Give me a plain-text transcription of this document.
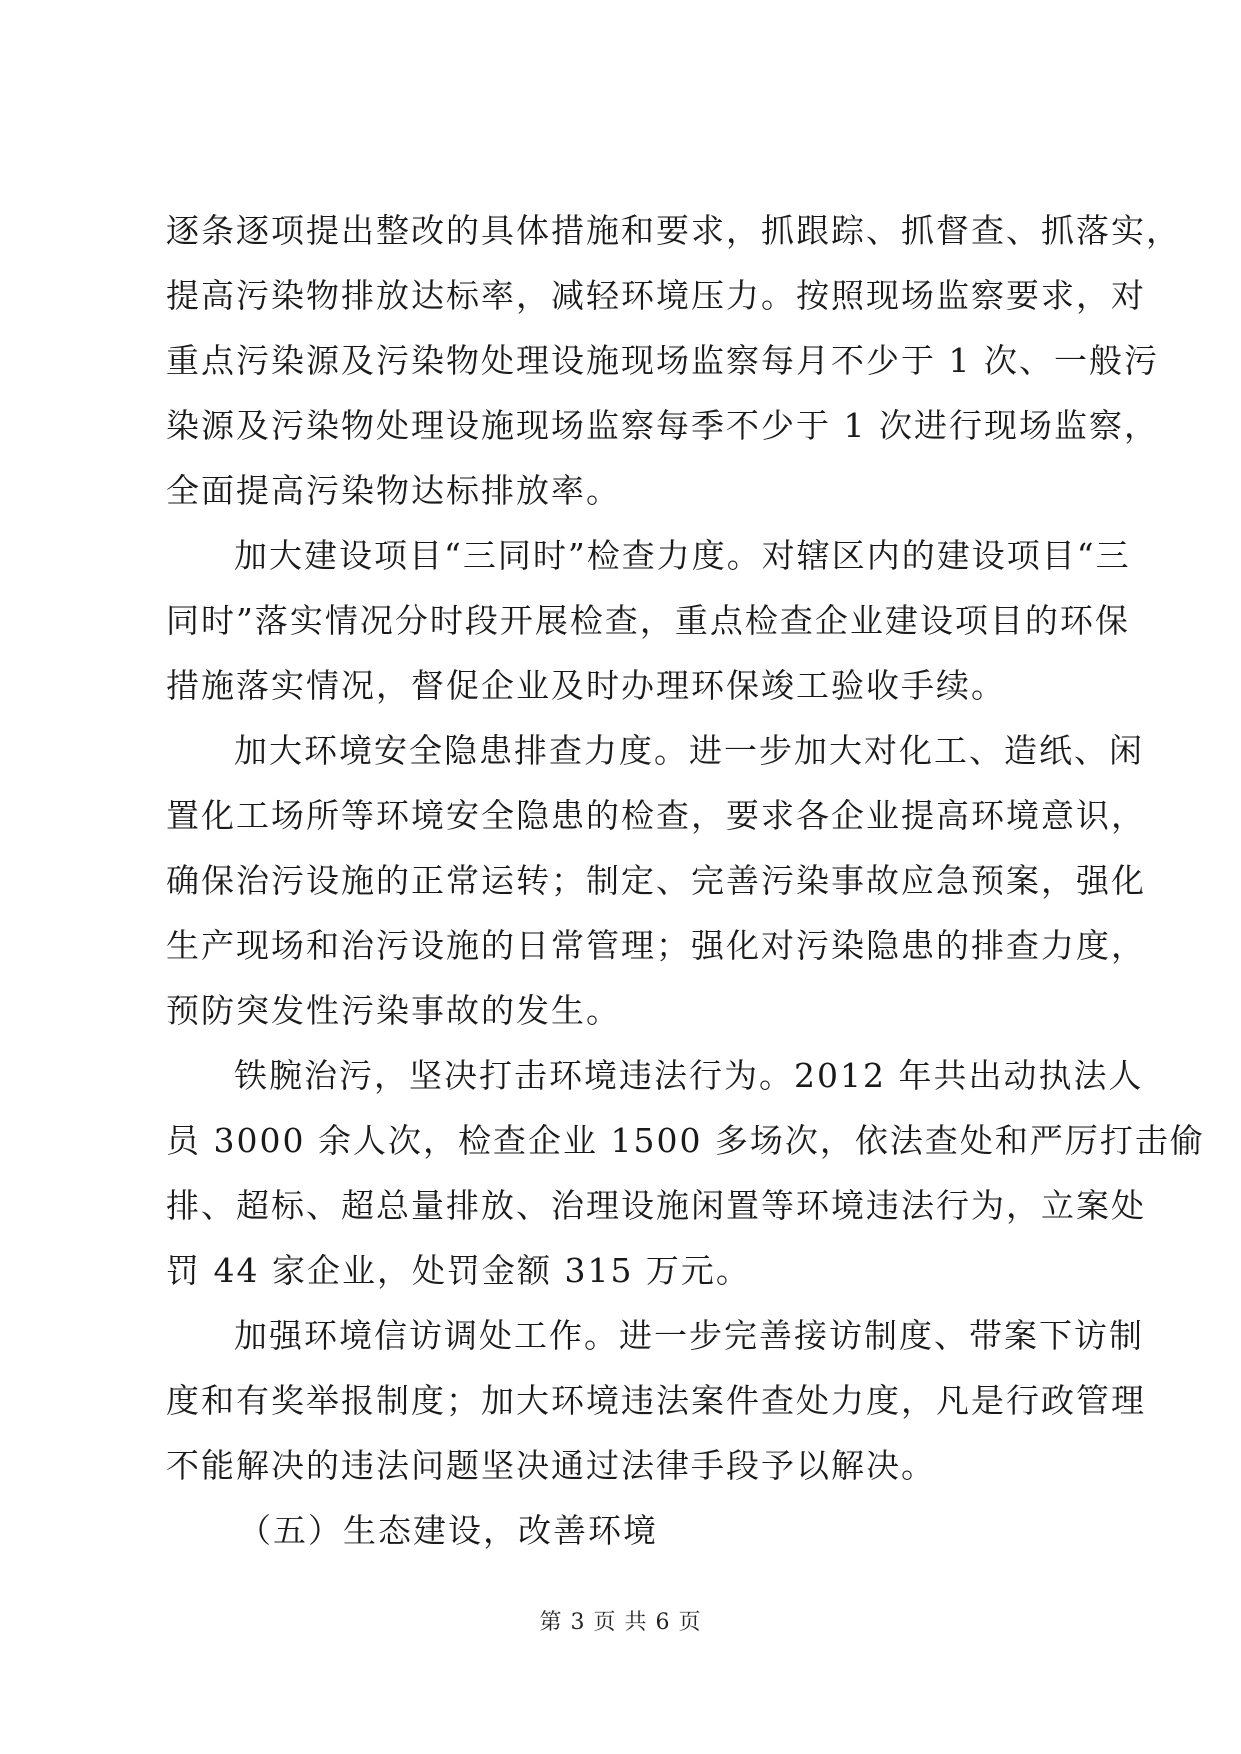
逐条逐项提出整改的具体措施和要求，抓跟踪、抓督查、抓落实，
提高污染物排放达标率，减轻环境压力。按照现场监察要求，对
重点污染源及污染物处理设施现场监察每月不少于 1 次、一般污
染源及污染物处理设施现场监察每季不少于 1 次进行现场监察，
全面提高污染物达标排放率。
加大建设项目“三同时”检查力度。对辖区内的建设项目“三
同时”落实情况分时段开展检查，重点检查企业建设项目的环保
措施落实情况，督促企业及时办理环保竣工验收手续。
加大环境安全隐患排查力度。进一步加大对化工、造纸、闲
置化工场所等环境安全隐患的检查，要求各企业提高环境意识，
确保治污设施的正常运转；制定、完善污染事故应急预案，强化
生产现场和治污设施的日常管理；强化对污染隐患的排查力度，
预防突发性污染事故的发生。
铁腕治污，坚决打击环境违法行为。2012 年共出动执法人
员 3000 余人次，检查企业 1500 多场次，依法查处和严厉打击偷
排、超标、超总量排放、治理设施闲置等环境违法行为，立案处
罚 44 家企业，处罚金额 315 万元。
加强环境信访调处工作。进一步完善接访制度、带案下访制
度和有奖举报制度；加大环境违法案件查处力度，凡是行政管理
不能解决的违法问题坚决通过法律手段予以解决。
（五）生态建设，改善环境
第 3 页 共 6 页
